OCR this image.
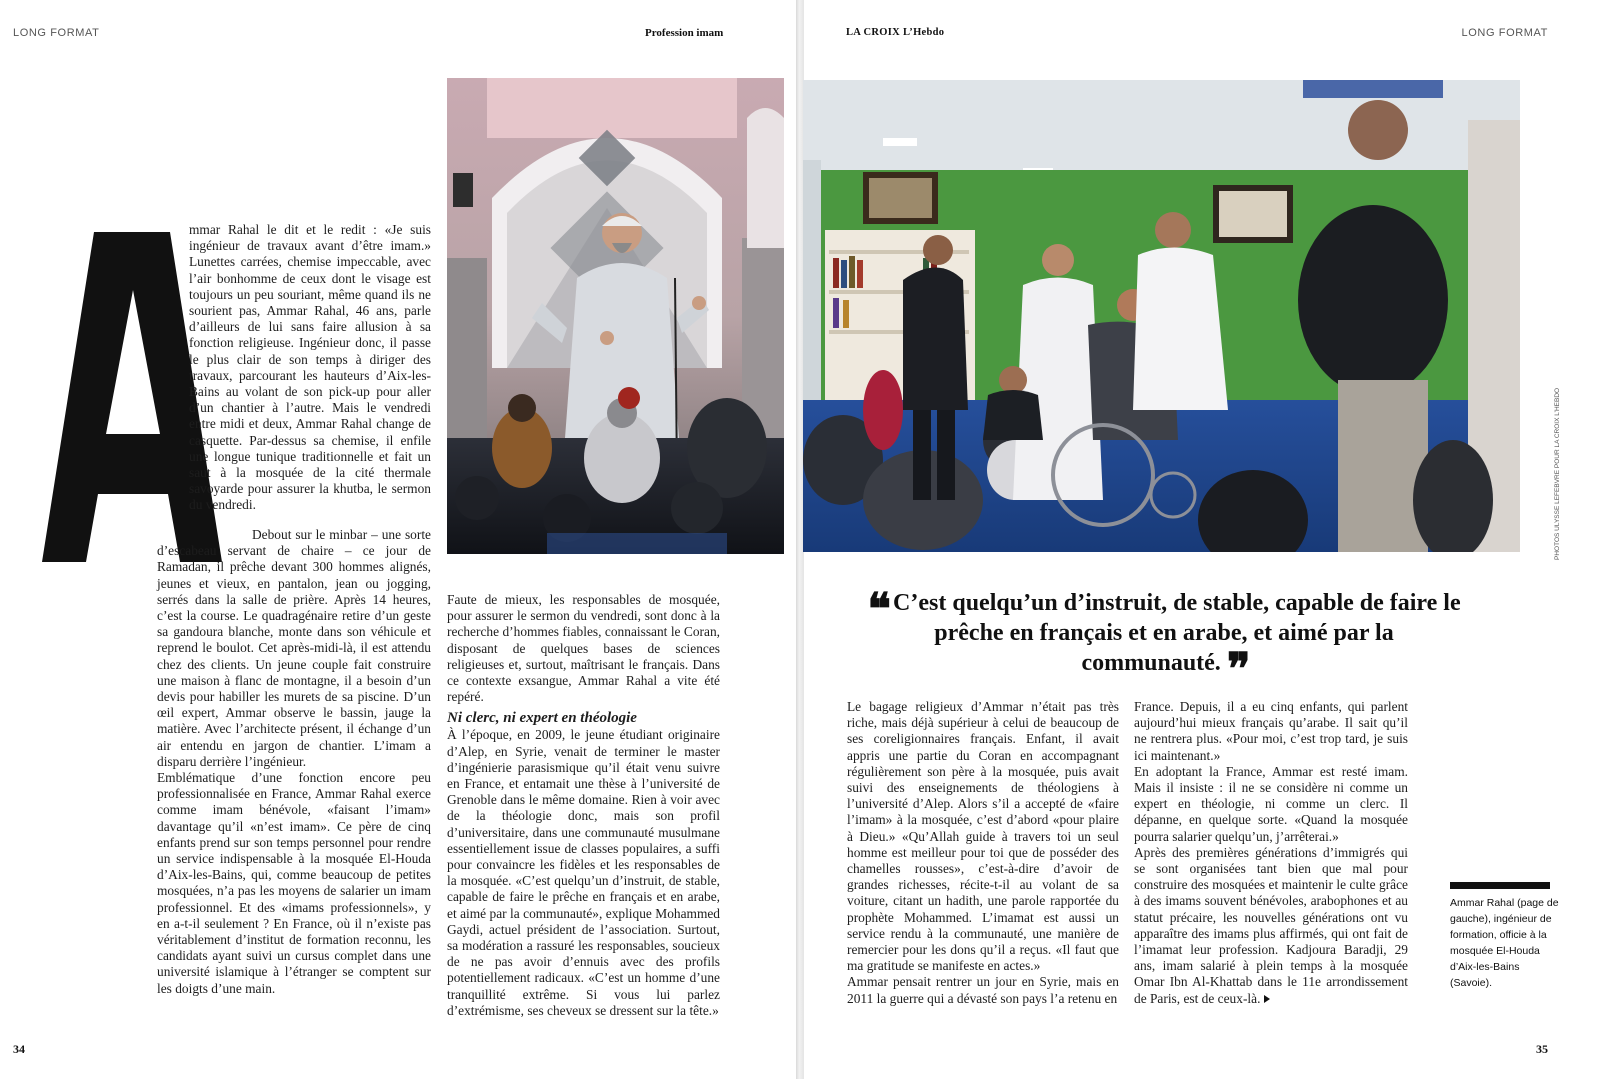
LONG FORMAT	Profession imam
mmar Rahal le dit et le redit : «Je suis ingénieur de travaux avant d’être imam.» Lunettes carrées, chemise impeccable, avec l’air bonhomme de ceux dont le visage est toujours un peu souriant, même quand ils ne sourient pas, Ammar Rahal, 46 ans, parle d’ailleurs de lui sans faire allusion à sa fonction religieuse. Ingénieur donc, il passe le plus clair de son temps à diriger des travaux, parcourant les hauteurs d’Aix-les-Bains au volant de son pick-up pour aller d’un chantier à l’autre. Mais le vendredi entre midi et deux, Ammar Rahal change de casquette. Par-dessus sa chemise, il enfile une longue tunique traditionnelle et fait un saut à la mosquée de la cité thermale savoyarde pour assurer la khutba, le sermon du vendredi.

Debout sur le minbar – une sorte d’escabeau servant de chaire – ce jour de Ramadan, il prêche devant 300 hommes alignés, jeunes et vieux, en pantalon, jean ou jogging, serrés dans la salle de prière. Après 14 heures, c’est la course. Le quadragénaire retire d’un geste sa gandoura blanche, monte dans son véhicule et reprend le boulot. Cet après-midi-là, il est attendu chez des clients. Un jeune couple fait construire une maison à flanc de montagne, il a besoin d’un devis pour habiller les murets de sa piscine. D’un œil expert, Ammar observe le bassin, jauge la matière. Avec l’architecte présent, il échange d’un air entendu en jargon de chantier. L’imam a disparu derrière l’ingénieur.

Emblématique d’une fonction encore peu professionnalisée en France, Ammar Rahal exerce comme imam bénévole, «faisant l’imam» davantage qu’il «n’est imam». Ce père de cinq enfants prend sur son temps personnel pour rendre un service indispensable à la mosquée El-Houda d’Aix-les-Bains, qui, comme beaucoup de petites mosquées, n’a pas les moyens de salarier un imam professionnel. Et des «imams professionnels», y en a-t-il seulement ? En France, où il n’existe pas véritablement d’institut de formation reconnu, les candidats ayant suivi un cursus complet dans une université islamique à l’étranger se comptent sur les doigts d’une main.

Faute de mieux, les responsables de mosquée, pour assurer le sermon du vendredi, sont donc à la recherche d’hommes fiables, connaissant le Coran, disposant de quelques bases de sciences religieuses et, surtout, maîtrisant le français. Dans ce contexte exsangue, Ammar Rahal a vite été repéré.

Ni clerc, ni expert en théologie

À l’époque, en 2009, le jeune étudiant originaire d’Alep, en Syrie, venait de terminer le master d’ingénierie parasismique qu’il était venu suivre en France, et entamait une thèse à l’université de Grenoble dans le même domaine. Rien à voir avec de la théologie donc, mais son profil d’universitaire, dans une communauté musulmane essentiellement issue de classes populaires, a suffi pour convaincre les fidèles et les responsables de la mosquée. «C’est quelqu’un d’instruit, de stable, capable de faire le prêche en français et en arabe, et aimé par la communauté», explique Mohammed Gaydi, actuel président de l’association. Surtout, sa modération a rassuré les responsables, soucieux de ne pas avoir d’ennuis avec des profils potentiellement radicaux. «C’est un homme d’une tranquillité extrême. Si vous lui parlez d’extrémisme, ses cheveux se dressent sur la tête.»

34
LA CROIX L’Hebdo	LONG FORMAT
PHOTOS ULYSSE LEFEBVRE POUR LA CROIX L’HEBDO
❝ C’est quelqu’un d’instruit, de stable, capable de faire le prêche en français et en arabe, et aimé par la communauté. ❞

Le bagage religieux d’Ammar n’était pas très riche, mais déjà supérieur à celui de beaucoup de ses coreligionnaires français. Enfant, il avait appris une partie du Coran en accompagnant régulièrement son père à la mosquée, puis avait suivi des enseignements de théologiens à l’université d’Alep. Alors s’il a accepté de «faire l’imam» à la mosquée, c’est d’abord «pour plaire à Dieu.» «Qu’Allah guide à travers toi un seul homme est meilleur pour toi que de posséder des chamelles rousses», c’est-à-dire d’avoir de grandes richesses, récite-t-il au volant de sa voiture, citant un hadith, une parole rapportée du prophète Mohammed. L’imamat est aussi un service rendu à la communauté, une manière de remercier pour les dons qu’il a reçus. «Il faut que ma gratitude se manifeste en actes.»

Ammar pensait rentrer un jour en Syrie, mais en 2011 la guerre qui a dévasté son pays l’a retenu en

France. Depuis, il a eu cinq enfants, qui parlent aujourd’hui mieux français qu’arabe. Il sait qu’il ne rentrera plus. «Pour moi, c’est trop tard, je suis ici maintenant.»

En adoptant la France, Ammar est resté imam. Mais il insiste : il ne se considère ni comme un expert en théologie, ni comme un clerc. Il dépanne, en quelque sorte. «Quand la mosquée pourra salarier quelqu’un, j’arrêterai.»

Après des premières générations d’immigrés qui se sont organisées tant bien que mal pour construire des mosquées et maintenir le culte grâce à des imams souvent bénévoles, arabophones et au statut précaire, les nouvelles générations ont vu apparaître des imams plus affirmés, qui ont fait de l’imamat leur profession. Kadjoura Baradji, 29 ans, imam salarié à plein temps à la mosquée Omar Ibn Al-Khattab dans le 11e arrondissement de Paris, est de ceux-là.

Ammar Rahal (page de gauche), ingénieur de formation, officie à la mosquée El-Houda d’Aix-les-Bains (Savoie).
35
